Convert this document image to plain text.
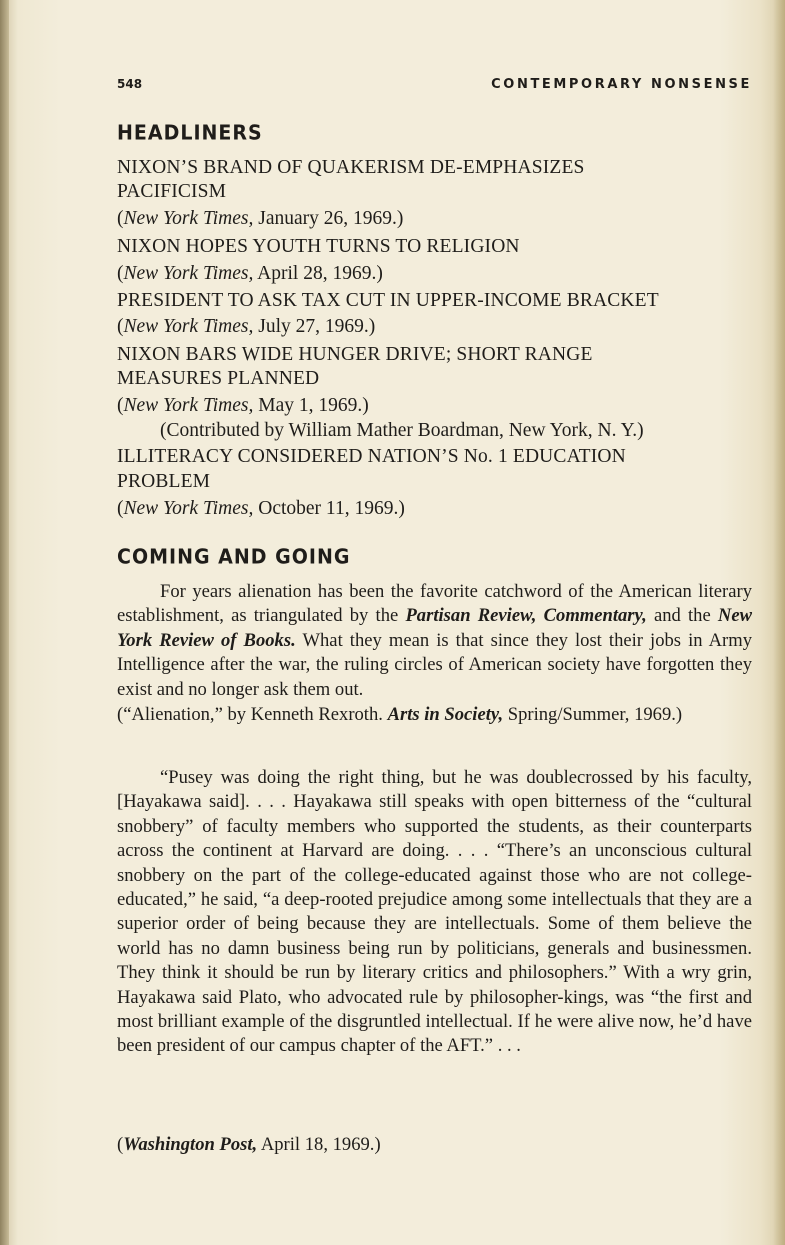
548	CONTEMPORARY NONSENSE
HEADLINERS
NIXON’S BRAND OF QUAKERISM DE-EMPHASIZES
PACIFICISM
(New York Times, January 26, 1969.)
NIXON HOPES YOUTH TURNS TO RELIGION
(New York Times, April 28, 1969.)
PRESIDENT TO ASK TAX CUT IN UPPER-INCOME BRACKET
(New York Times, July 27, 1969.)
NIXON BARS WIDE HUNGER DRIVE; SHORT RANGE
MEASURES PLANNED
(New York Times, May 1, 1969.)
(Contributed by William Mather Boardman, New York, N. Y.)
ILLITERACY CONSIDERED NATION’S No. 1 EDUCATION
PROBLEM
(New York Times, October 11, 1969.)
COMING AND GOING

For years alienation has been the favorite catchword of the American literary establishment, as triangulated by the Partisan Review, Commentary, and the New York Review of Books. What they mean is that since they lost their jobs in Army Intelligence after the war, the ruling circles of American society have forgotten they exist and no longer ask them out.

(“Alienation,” by Kenneth Rexroth. Arts in Society, Spring/Summer, 1969.)

“Pusey was doing the right thing, but he was doublecrossed by his faculty, [Hayakawa said]. . . . Hayakawa still speaks with open bitterness of the “cultural snobbery” of faculty members who supported the students, as their counterparts across the continent at Harvard are doing. . . . “There’s an unconscious cultural snobbery on the part of the college-educated against those who are not college-educated,” he said, “a deep-rooted prejudice among some intellectuals that they are a superior order of being because they are intellectuals. Some of them believe the world has no damn business being run by politicians, generals and businessmen. They think it should be run by literary critics and philosophers.” With a wry grin, Hayakawa said Plato, who advocated rule by philosopher-kings, was “the first and most brilliant example of the disgruntled intellectual. If he were alive now, he’d have been president of our campus chapter of the AFT.” . . .

(Washington Post, April 18, 1969.)
